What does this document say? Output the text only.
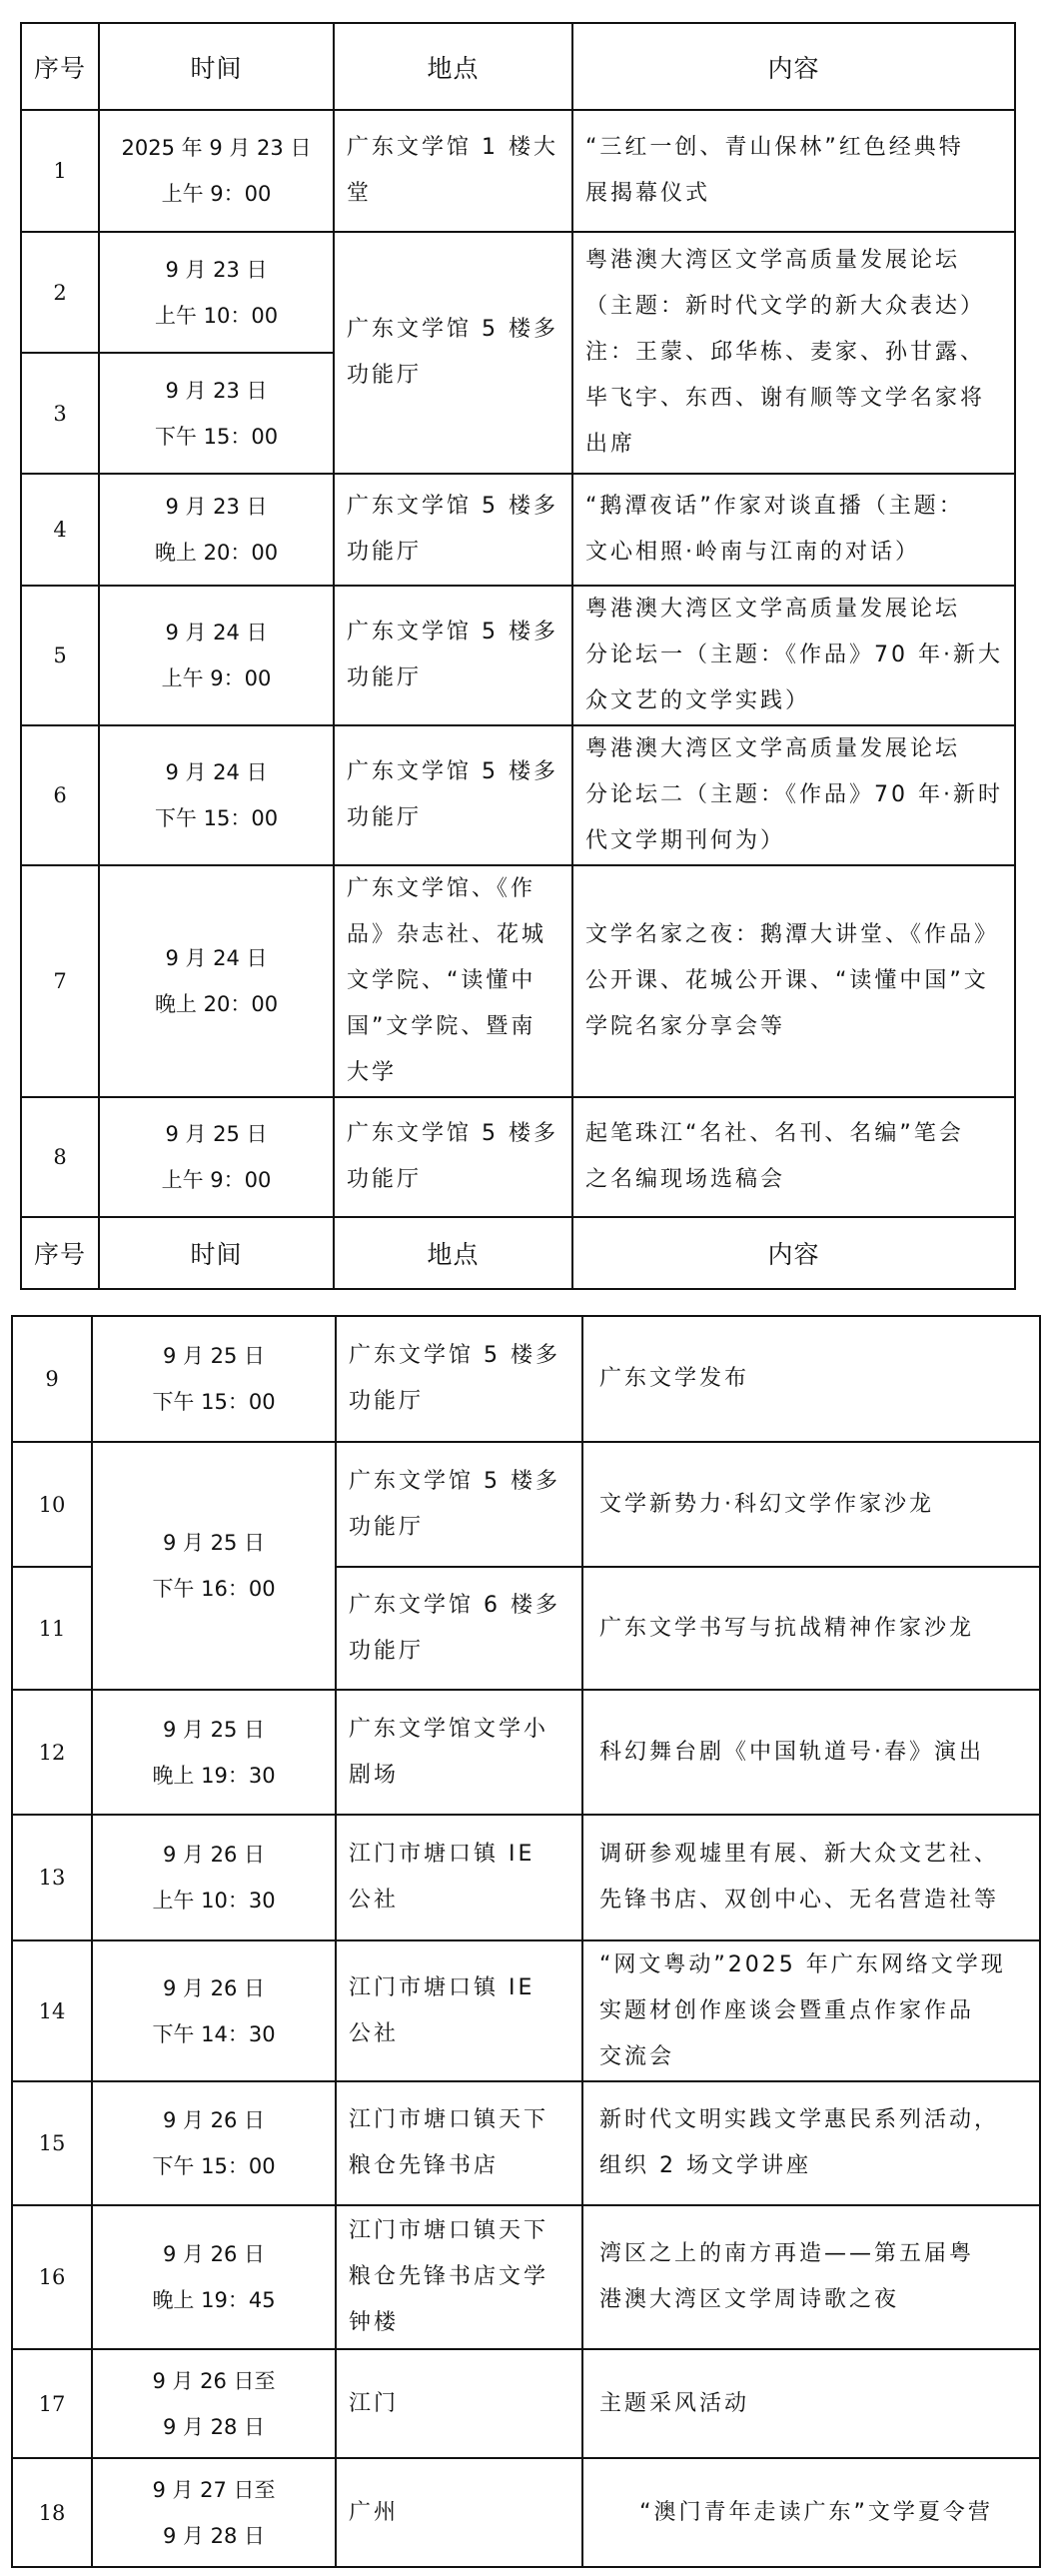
序号	时间	地点	内容
1	2025 年 9 月 23 日
上午 9：00	广东文学馆 1 楼大
堂	“三红一创、青山保林”红色经典特
展揭幕仪式

2	9 月 23 日
上午 10：00	广东文学馆 5 楼多
功能厅	粤港澳大湾区文学高质量发展论坛
（主题：新时代文学的新大众表达）
注：王蒙、邱华栋、麦家、孙甘露、
毕飞宇、东西、谢有顺等文学名家将
出席

3	9 月 23 日
下午 15：00		

4	9 月 23 日
晚上 20：00	广东文学馆 5 楼多
功能厅	“鹅潭夜话”作家对谈直播（主题：
文心相照·岭南与江南的对话）

5	9 月 24 日
上午 9：00	广东文学馆 5 楼多
功能厅	粤港澳大湾区文学高质量发展论坛
分论坛一（主题：《作品》70 年·新大
众文艺的文学实践）

6	9 月 24 日
下午 15：00	广东文学馆 5 楼多
功能厅	粤港澳大湾区文学高质量发展论坛
分论坛二（主题：《作品》70 年·新时
代文学期刊何为）

7	9 月 24 日
晚上 20：00	广东文学馆、《作
品》杂志社、花城
文学院、“读懂中
国”文学院、暨南
大学	文学名家之夜：鹅潭大讲堂、《作品》
公开课、花城公开课、“读懂中国”文
学院名家分享会等

8	9 月 25 日
上午 9：00	广东文学馆 5 楼多
功能厅	起笔珠江“名社、名刊、名编”笔会
之名编现场选稿会

序号	时间	地点	内容
9	9 月 25 日
下午 15：00	广东文学馆 5 楼多
功能厅	广东文学发布

10	9 月 25 日
下午 16：00	广东文学馆 5 楼多
功能厅	文学新势力·科幻文学作家沙龙

11		广东文学馆 6 楼多
功能厅	广东文学书写与抗战精神作家沙龙

12	9 月 25 日
晚上 19：30	广东文学馆文学小
剧场	科幻舞台剧《中国轨道号·春》演出

13	9 月 26 日
上午 10：30	江门市塘口镇 IE
公社	调研参观墟里有展、新大众文艺社、
先锋书店、双创中心、无名营造社等

14	9 月 26 日
下午 14：30	江门市塘口镇 IE
公社	“网文粤动”2025 年广东网络文学现
实题材创作座谈会暨重点作家作品
交流会

15	9 月 26 日
下午 15：00	江门市塘口镇天下
粮仓先锋书店	新时代文明实践文学惠民系列活动，
组织 2 场文学讲座

16	9 月 26 日
晚上 19：45	江门市塘口镇天下
粮仓先锋书店文学
钟楼	湾区之上的南方再造——第五届粤
港澳大湾区文学周诗歌之夜

17	9 月 26 日至
9 月 28 日	江门	主题采风活动

18	9 月 27 日至
9 月 28 日	广州	“澳门青年走读广东”文学夏令营
